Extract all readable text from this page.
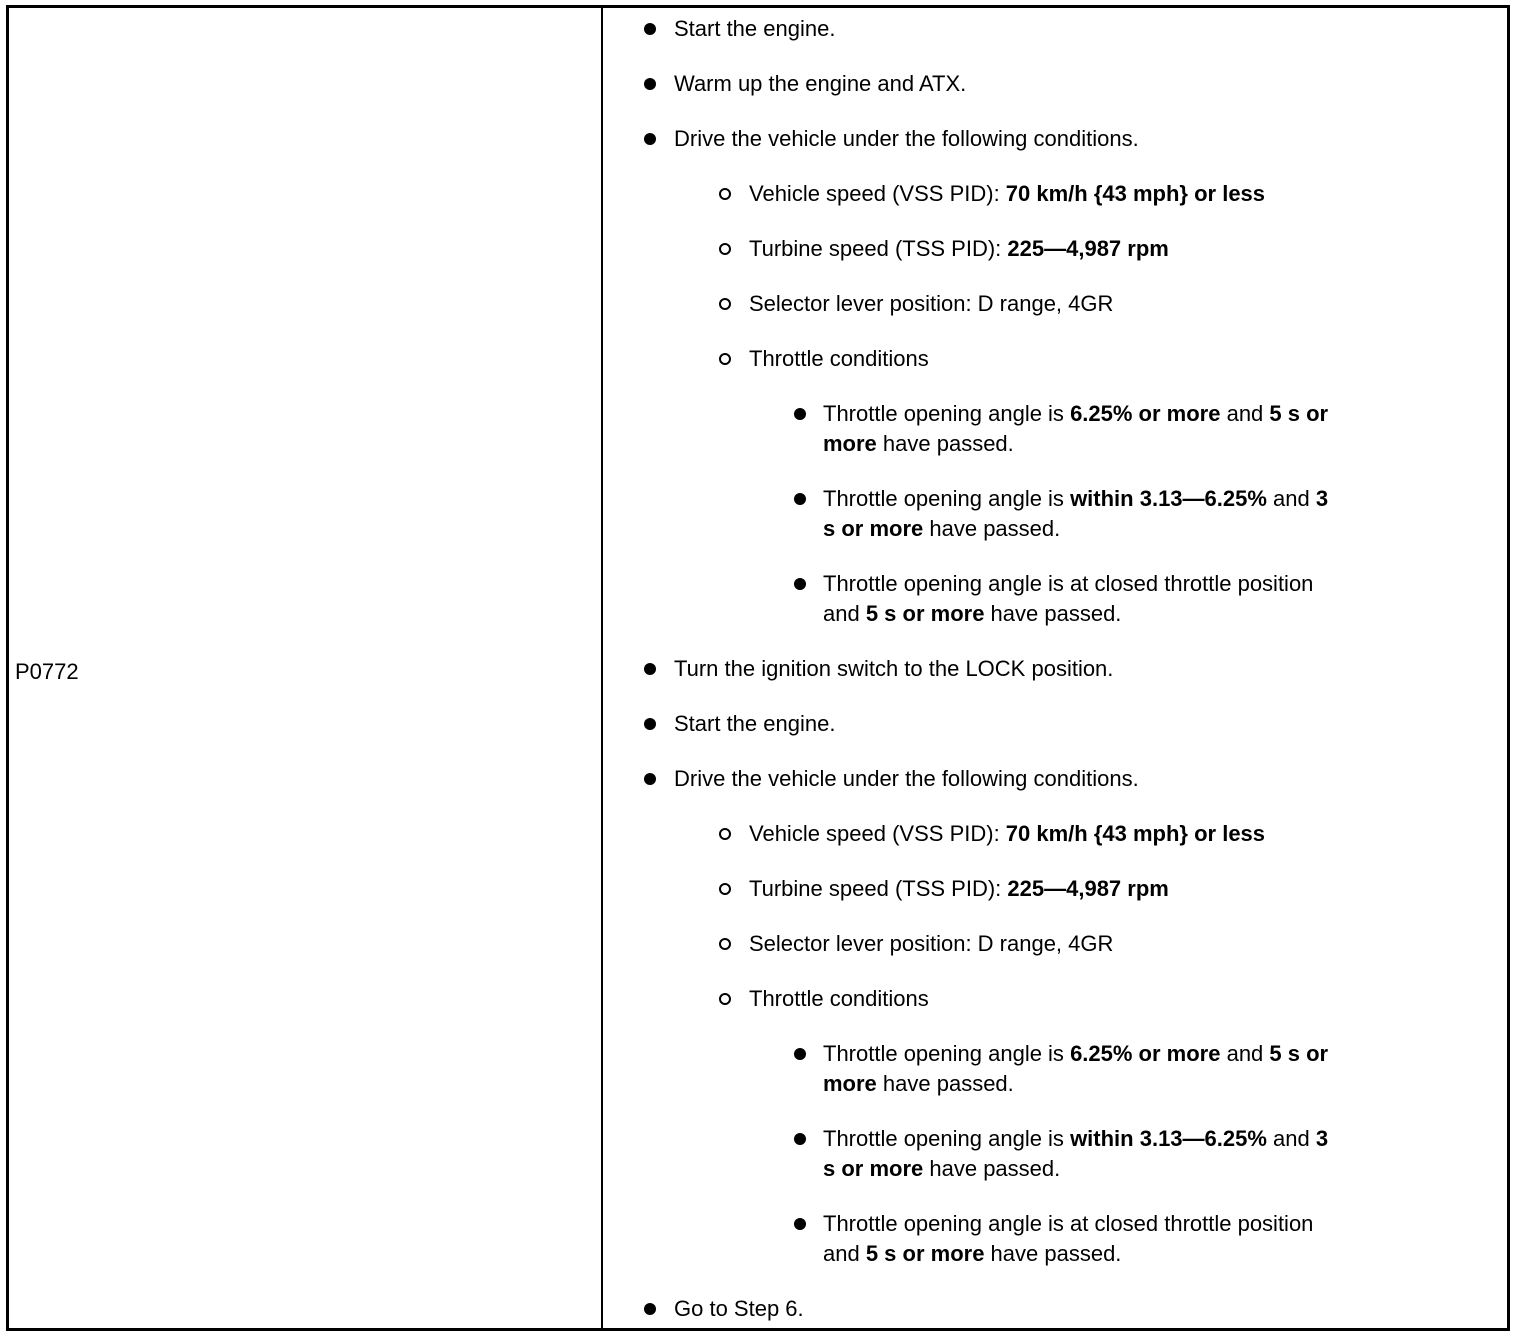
P0772
Start the engine.
Warm up the engine and ATX.
Drive the vehicle under the following conditions.
Vehicle speed (VSS PID): 70 km/h {43 mph} or less
Turbine speed (TSS PID): 225—4,987 rpm
Selector lever position: D range, 4GR
Throttle conditions
Throttle opening angle is 6.25% or more and 5 s or
more have passed.
Throttle opening angle is within 3.13—6.25% and 3
s or more have passed.
Throttle opening angle is at closed throttle position
and 5 s or more have passed.
Turn the ignition switch to the LOCK position.
Start the engine.
Drive the vehicle under the following conditions.
Vehicle speed (VSS PID): 70 km/h {43 mph} or less
Turbine speed (TSS PID): 225—4,987 rpm
Selector lever position: D range, 4GR
Throttle conditions
Throttle opening angle is 6.25% or more and 5 s or
more have passed.
Throttle opening angle is within 3.13—6.25% and 3
s or more have passed.
Throttle opening angle is at closed throttle position
and 5 s or more have passed.
Go to Step 6.
